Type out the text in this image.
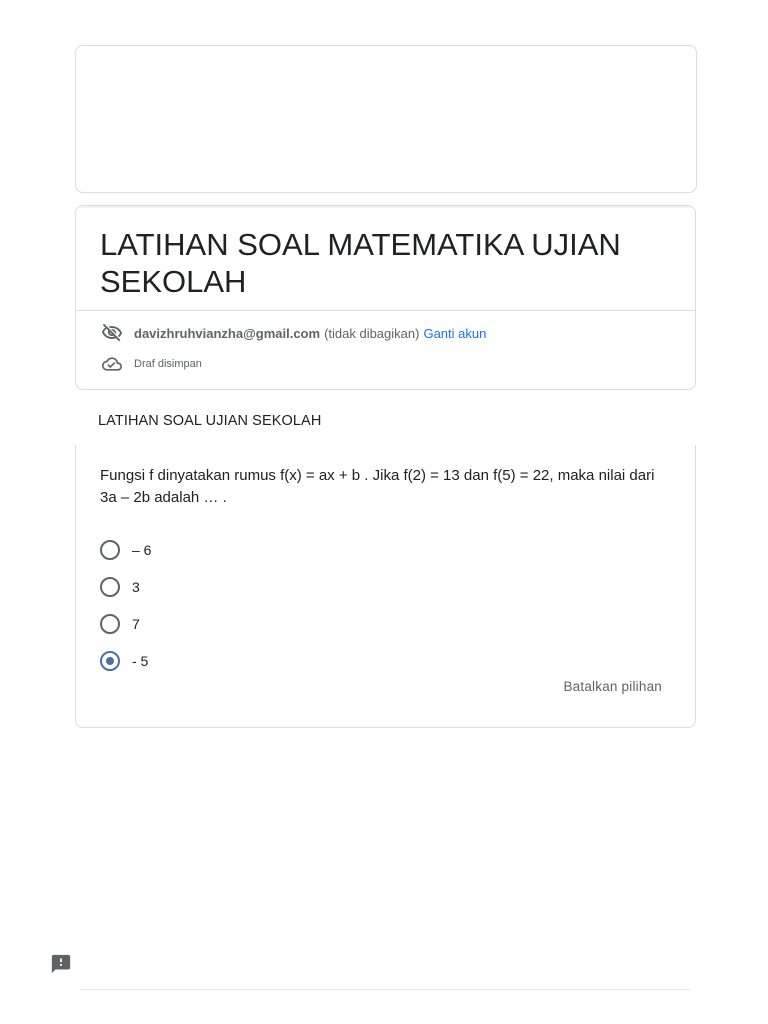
LATIHAN SOAL MATEMATIKA UJIAN SEKOLAH
davizhruhvianzha@gmail.com (tidak dibagikan) Ganti akun
Draf disimpan
LATIHAN SOAL UJIAN SEKOLAH

Fungsi f dinyatakan rumus f(x) = ax + b . Jika f(2) = 13 dan f(5) = 22, maka nilai dari 3a – 2b adalah … .

– 6
3
7
- 5
Batalkan pilihan
